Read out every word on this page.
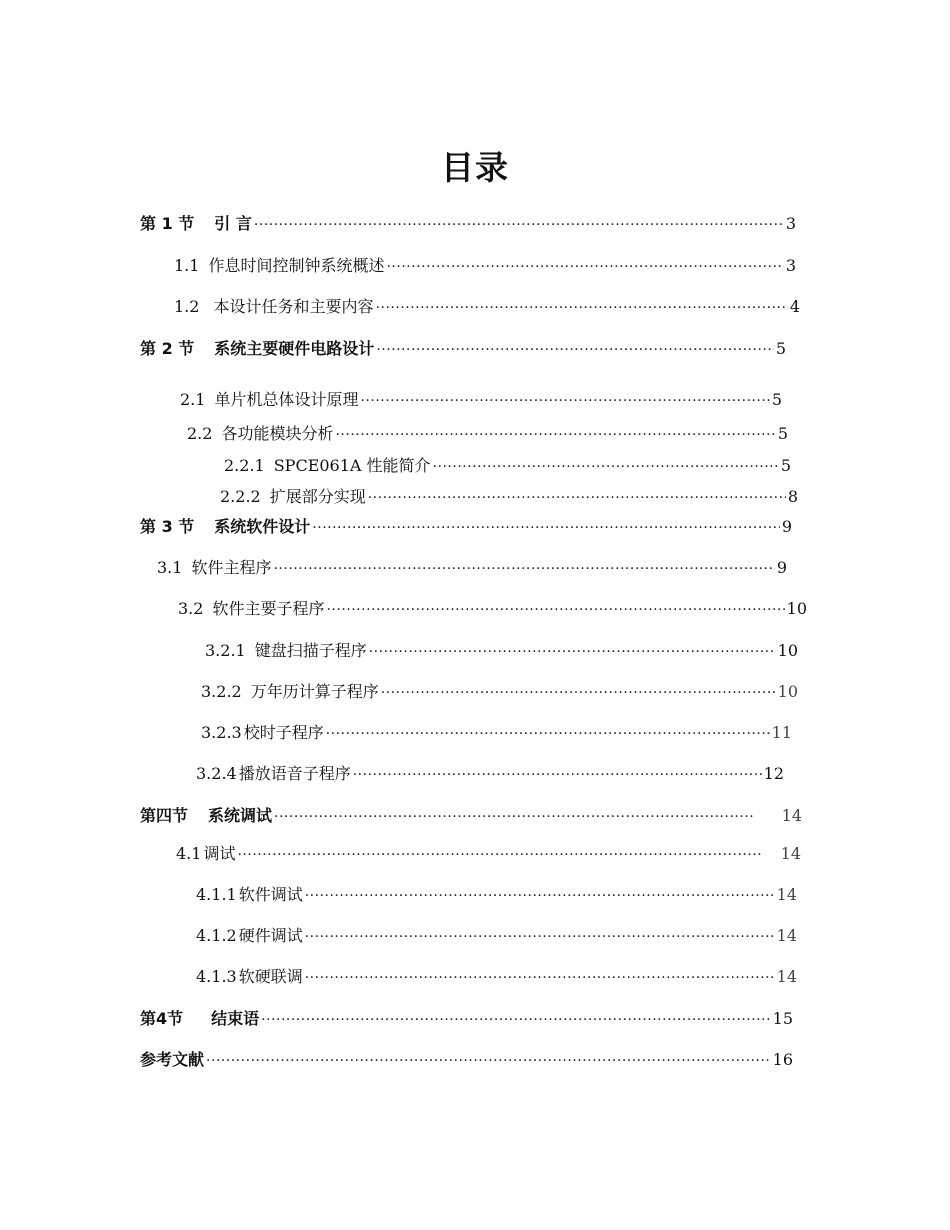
目录
第 1 节 引 言 ·····	3
1.1 作息时间控制钟系统概述 ·····	3
1.2 本设计任务和主要内容 ·····	4
第 2 节 系统主要硬件电路设计 ·····	5
2.1 单片机总体设计原理 ·····	5
2.2 各功能模块分析 ·····	5
2.2.1 SPCE061A 性能简介 ·····	5
2.2.2 扩展部分实现 ·····	8
第 3 节 系统软件设计 ·····	9
3.1 软件主程序 ·····	9
3.2 软件主要子程序 ·····	10
3.2.1 键盘扫描子程序 ·····	10
3.2.2 万年历计算子程序 ·····	10
3.2.3 校时子程序 ·····	11
3.2.4 播放语音子程序 ·····	12
第四节 系统调试 ·····	14
4.1 调试 ·····	14
4.1.1 软件调试 ·····	14
4.1.2 硬件调试 ·····	14
4.1.3 软硬联调 ·····	14
第4节 结束语 ·····	15
参考文献 ·····	16
